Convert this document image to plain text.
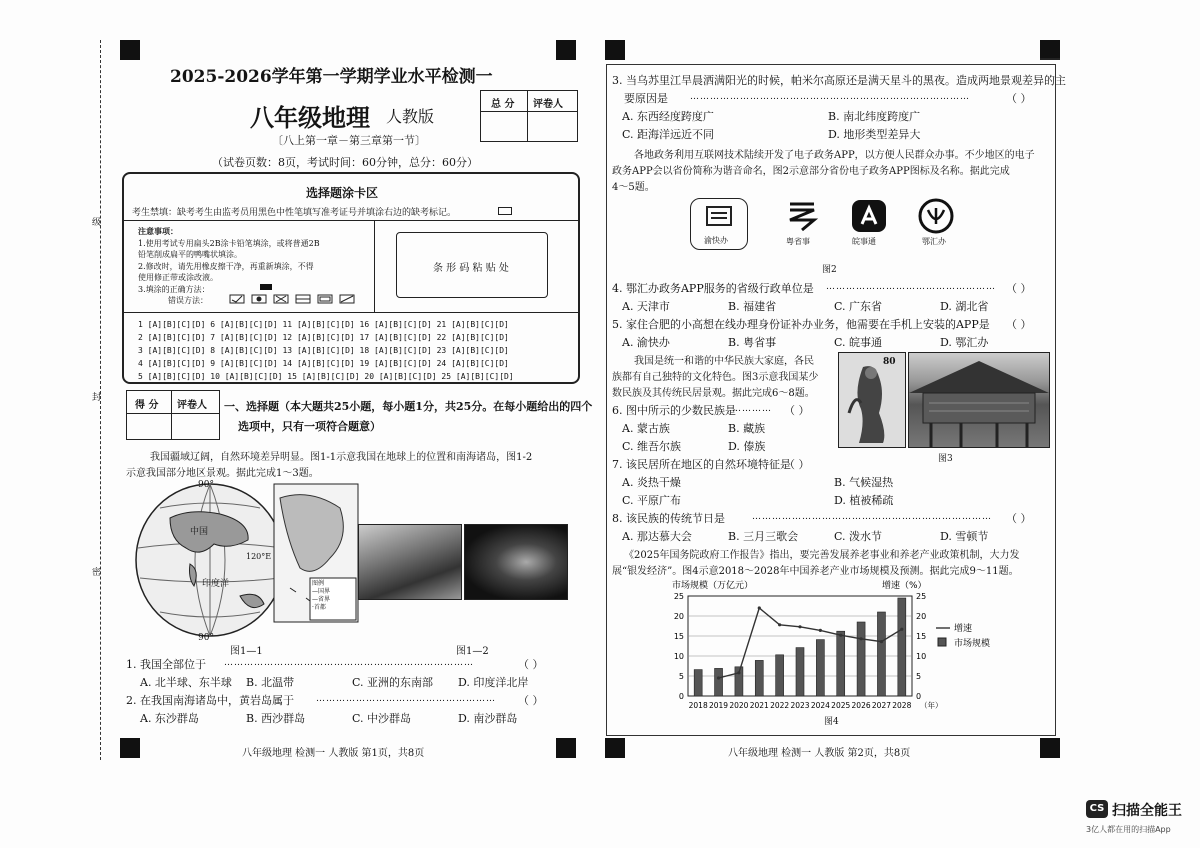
级
封
密
2025-2026学年第一学期学业水平检测一
八年级地理 人教版
〔八上第一章－第三章第一节〕
（试卷页数：8页，考试时间：60分钟，总分：60分）
总 分 评卷人
选择题涂卡区
考生禁填：缺考考生由监考员用黑色中性笔填写准考证号并填涂右边的缺考标记。
注意事项：
1.使用考试专用扁头2B涂卡铅笔填涂，或将普通2B
铅笔削成扁平的鸭嘴状填涂。
2.修改时，请先用橡皮擦干净，再重新填涂，不得
使用修正带或涂改液。
3.填涂的正确方法：
错误方法：
条 形 码 粘 贴 处
1 [A][B][C][D] 6 [A][B][C][D] 11 [A][B][C][D] 16 [A][B][C][D] 21 [A][B][C][D]
2 [A][B][C][D] 7 [A][B][C][D] 12 [A][B][C][D] 17 [A][B][C][D] 22 [A][B][C][D]
3 [A][B][C][D] 8 [A][B][C][D] 13 [A][B][C][D] 18 [A][B][C][D] 23 [A][B][C][D]
4 [A][B][C][D] 9 [A][B][C][D] 14 [A][B][C][D] 19 [A][B][C][D] 24 [A][B][C][D]
5 [A][B][C][D] 10 [A][B][C][D] 15 [A][B][C][D] 20 [A][B][C][D] 25 [A][B][C][D]
得 分 评卷人 一、选择题（本大题共25小题，每小题1分，共25分。在每小题给出的四个
选项中，只有一项符合题意）
我国疆域辽阔，自然环境差异明显。图1-1示意我国在地球上的位置和南海诸岛，图1-2
示意我国部分地区景观。据此完成1～3题。
90°
90°
中国
印度洋
120°E
图例
—国界
—省界
·首都
图1—1	图1—2
1. 我国全部位于 …………………………………………………………………	（ ）
A. 北半球、东半球 B. 北温带	C. 亚洲的东南部 D. 印度洋北岸
2. 在我国南海诸岛中，黄岩岛属于 ……………………………………………… （ ）
A. 东沙群岛	B. 西沙群岛	C. 中沙群岛	D. 南沙群岛
八年级地理 检测一 人教版 第1页，共8页
3. 当乌苏里江旱晨洒满阳光的时候，帕米尔高原还是满天星斗的黑夜。造成两地景观差异的主
要原因是 …………………………………………………………………………	（ ）
A. 东西经度跨度广	B. 南北纬度跨度广
C. 距海洋远近不同	D. 地形类型差异大
各地政务利用互联网技术陆续开发了电子政务APP，以方便人民群众办事。不少地区的电子
政务APP会以省份简称为谐音命名，图2示意部分省份电子政务APP图标及名称。据此完成
4～5题。
渝快办	粤省事	皖事通	鄂汇办
图2
4. 鄂汇办政务APP服务的省级行政单位是 …………………………………………… （ ）
A. 天津市	B. 福建省	C. 广东省	D. 湖北省
5. 家住合肥的小高想在线办理身份证补办业务，他需要在手机上安装的APP是 （ ）
A. 渝快办	B. 粤省事	C. 皖事通	D. 鄂汇办
我国是统一和谐的中华民族大家庭，各民
族都有自己独特的文化特色。图3示意我国某少
数民族及其传统民居景观。据此完成6～8题。
80
图3
6. 图中所示的少数民族是
………… （ ）
A. 蒙古族	B. 藏族
C. 维吾尔族	D. 傣族
7. 该民居所在地区的自然环境特征是
（ ）
A. 炎热干燥	B. 气候湿热
C. 平原广布	D. 植被稀疏
8. 该民族的传统节日是	……………………………………………………………… （ ）
A. 那达慕大会	B. 三月三歌会	C. 泼水节	D. 雪顿节
《2025年国务院政府工作报告》指出，要完善发展养老事业和养老产业政策机制，大力发
展“银发经济”。图4示意2018～2028年中国养老产业市场规模及预测。据此完成9～11题。
0	0
5	5
10	10
15	15
20	20
25	25
市场规模（万亿元）	增速（%）
2018 2019 2020 2021 2022 2023 2024 2025 2026 2027 2028 （年）
增速
市场规模
图4
八年级地理 检测一 人教版 第2页，共8页
CS 扫描全能王
3亿人都在用的扫描App
